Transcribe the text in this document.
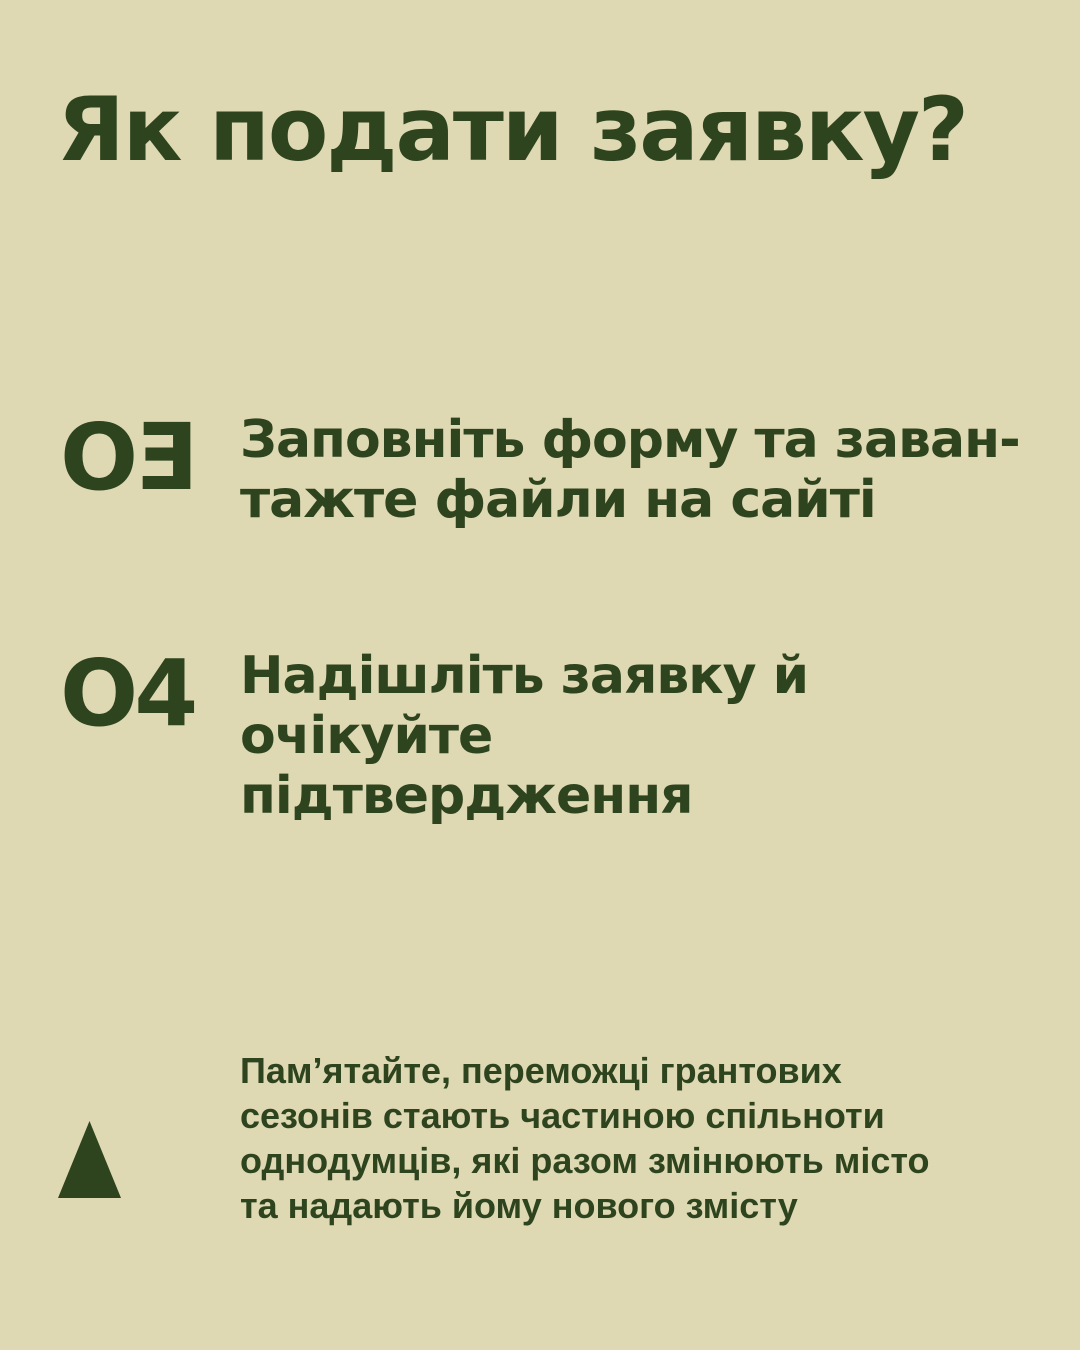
Як подати заявку?
OƎ Заповніть форму та заван-
тажте файли на сайті
O4 Надішліть заявку й очікуйте
підтвердження

Пам’ятайте, переможці грантових
сезонів стають частиною спільноти
однодумців, які разом змінюють місто
та надають йому нового змісту
